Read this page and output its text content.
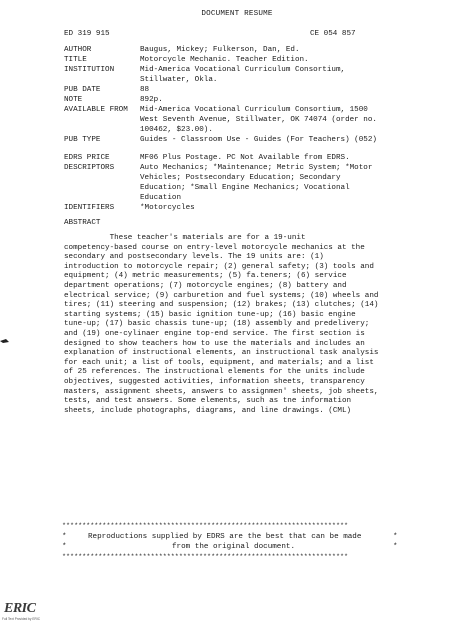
DOCUMENT RESUME
ED 319 915	CE 054 857
AUTHOR	Baugus, Mickey; Fulkerson, Dan, Ed.
TITLE	Motorcycle Mechanic. Teacher Edition.
INSTITUTION	Mid-America Vocational Curriculum Consortium,
Stillwater, Okla.
PUB DATE	88
NOTE	892p.
AVAILABLE FROM Mid-America Vocational Curriculum Consortium, 1500
West Seventh Avenue, Stillwater, OK 74074 (order no.
100462, $23.00).
PUB TYPE	Guides - Classroom Use - Guides (For Teachers) (052)
EDRS PRICE	MF06 Plus Postage. PC Not Available from EDRS.
DESCRIPTORS	Auto Mechanics; *Maintenance; Metric System; *Motor
Vehicles; Postsecondary Education; Secondary
Education; *Small Engine Mechanics; Vocational
Education
IDENTIFIERS	*Motorcycles
ABSTRACT
These teacher's materials are for a 19-unit
competency-based course on entry-level motorcycle mechanics at the
secondary and postsecondary levels. The 19 units are: (1)
introduction to motorcycle repair; (2) general safety; (3) tools and
equipment; (4) metric measurements; (5) fa.teners; (6) service
department operations; (7) motorcycle engines; (8) battery and
electrical service; (9) carburetion and fuel systems; (10) wheels and
tires; (11) steering and suspension; (12) brakes; (13) clutches; (14)
starting systems; (15) basic ignition tune-up; (16) basic engine
tune-up; (17) basic chassis tune-up; (18) assembly and predelivery;
and (19) one-cylinaer engine top-end service. The first section is
designed to show teachers how to use the materials and includes an
explanation of instructional elements, an instructional task analysis
for each unit; a list of tools, equipment, and materials; and a list
of 25 references. The instructional elements for the units include
objectives, suggested activities, information sheets, transparency
masters, assignment sheets, answers to assignmen' sheets, job sheets,
tests, and test answers. Some elements, such as tne information
sheets, include photographs, diagrams, and line drawings. (CML)
***********************************************************************
*	Reproductions supplied by EDRS are the best that can be made	*
*	from the original document.	*
***********************************************************************
ERIC
Full Text Provided by ERIC
